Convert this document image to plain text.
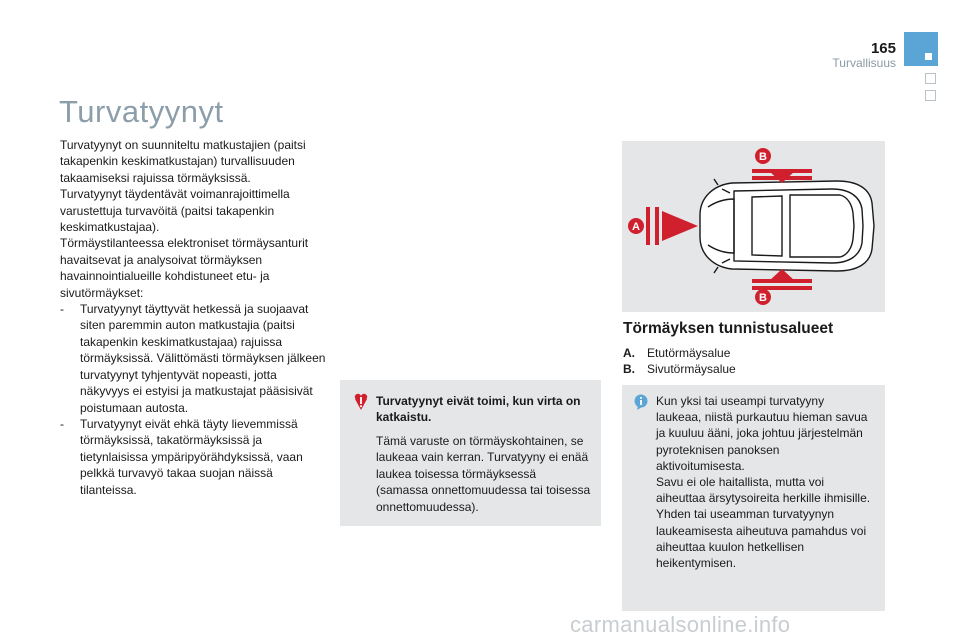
165
Turvallisuus
Turvatyynyt

Turvatyynyt on suunniteltu matkustajien (paitsi takapenkin keskimatkustajan) turvallisuuden takaamiseksi rajuissa törmäyksissä.

Turvatyynyt täydentävät voimanrajoittimella varustettuja turvavöitä (paitsi takapenkin keskimatkustajaa).

Törmäystilanteessa elektroniset törmäysanturit havaitsevat ja analysoivat törmäyksen havainnointialueille kohdistuneet etu- ja sivutörmäykset:

-	Turvatyynyt täyttyvät hetkessä ja suojaavat siten paremmin auton matkustajia (paitsi takapenkin keskimatkustajaa) rajuissa törmäyksissä. Välittömästi törmäyksen jälkeen turvatyynyt tyhjentyvät nopeasti, jotta näkyvyys ei estyisi ja matkustajat pääsisivät poistumaan autosta.
-	Turvatyynyt eivät ehkä täyty lievemmissä törmäyksissä, takatörmäyksissä ja tietynlaisissa ympäripyörähdyksissä, vaan pelkkä turvavyö takaa suojan näissä tilanteissa.
Turvatyynyt eivät toimi, kun virta on katkaistu.
Tämä varuste on törmäyskohtainen, se laukeaa vain kerran. Turvatyyny ei enää laukea toisessa törmäyksessä (samassa onnettomuudessa tai toisessa onnettomuudessa).
A
B
B
Törmäyksen tunnistusalueet
A.	Etutörmäysalue
B.	Sivutörmäysalue
Kun yksi tai useampi turvatyyny laukeaa, niistä purkautuu hieman savua ja kuuluu ääni, joka johtuu järjestelmän pyroteknisen panoksen aktivoitumisesta.
Savu ei ole haitallista, mutta voi aiheuttaa ärsytysoireita herkille ihmisille.
Yhden tai useamman turvatyynyn laukeamisesta aiheutuva pamahdus voi aiheuttaa kuulon hetkellisen heikentymisen.
carmanualsonline.info
